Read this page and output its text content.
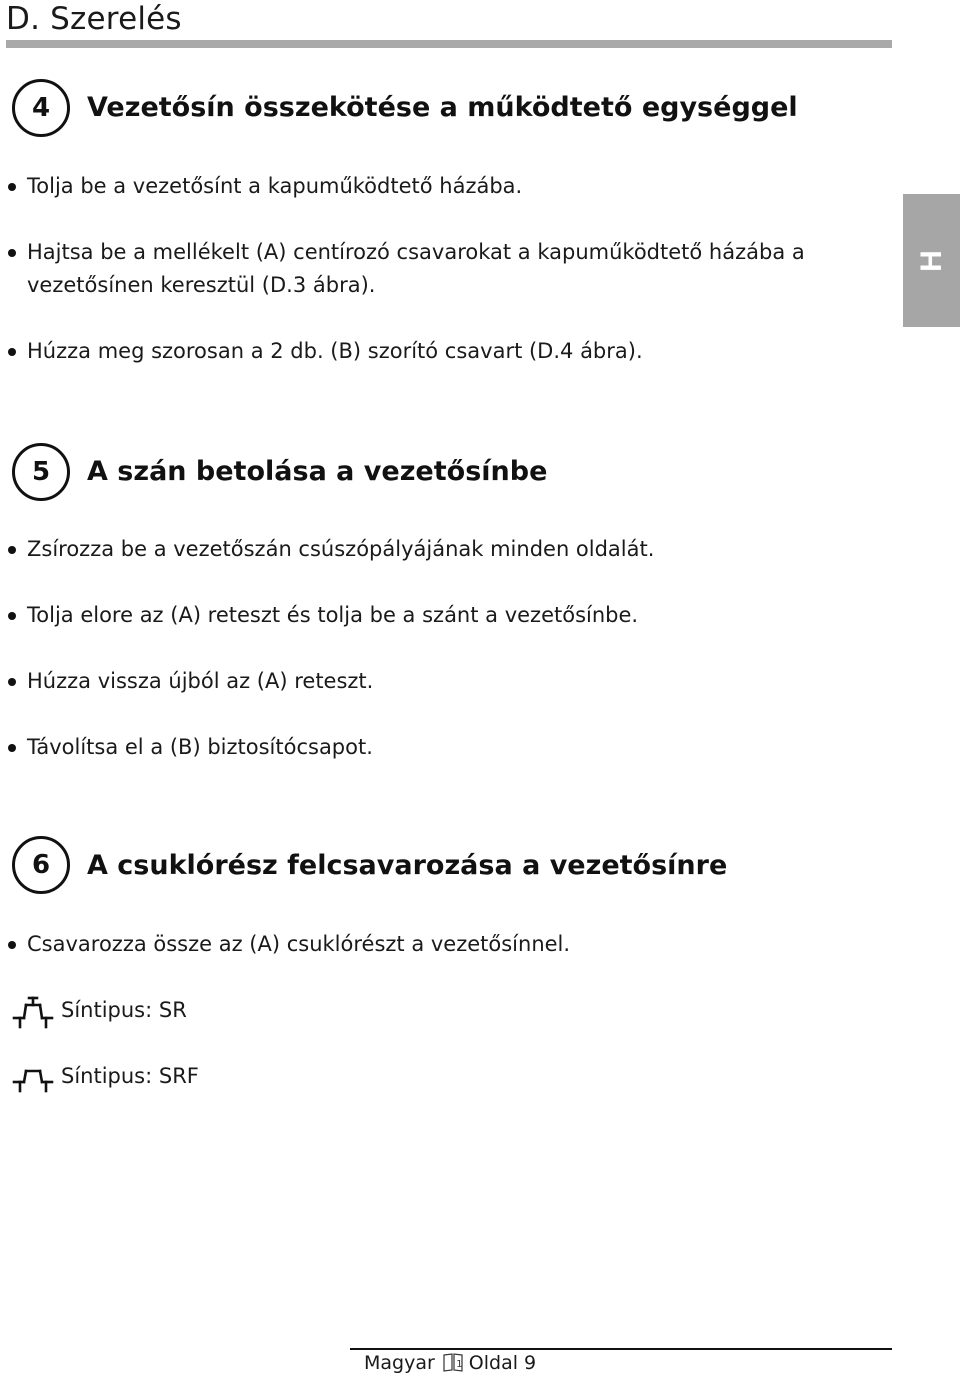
D. Szerelés
H
4	Vezetősín összekötése a működtető egységgel
Tolja be a vezetősínt a kapuműködtető házába.
Hajtsa be a mellékelt (A) centírozó csavarokat a kapuműködtető házába a
vezetősínen keresztül (D.3 ábra).
Húzza meg szorosan a 2 db. (B) szorító csavart (D.4 ábra).
5	A szán betolása a vezetősínbe
Zsírozza be a vezetőszán csúszópályájának minden oldalát.
Tolja elore az (A) reteszt és tolja be a szánt a vezetősínbe.
Húzza vissza újból az (A) reteszt.
Távolítsa el a (B) biztosítócsapot.
6	A csuklórész felcsavarozása a vezetősínre
Csavarozza össze az (A) csuklórészt a vezetősínnel.
Síntipus: SR
Síntipus: SRF
Magyar 1 Oldal 9
